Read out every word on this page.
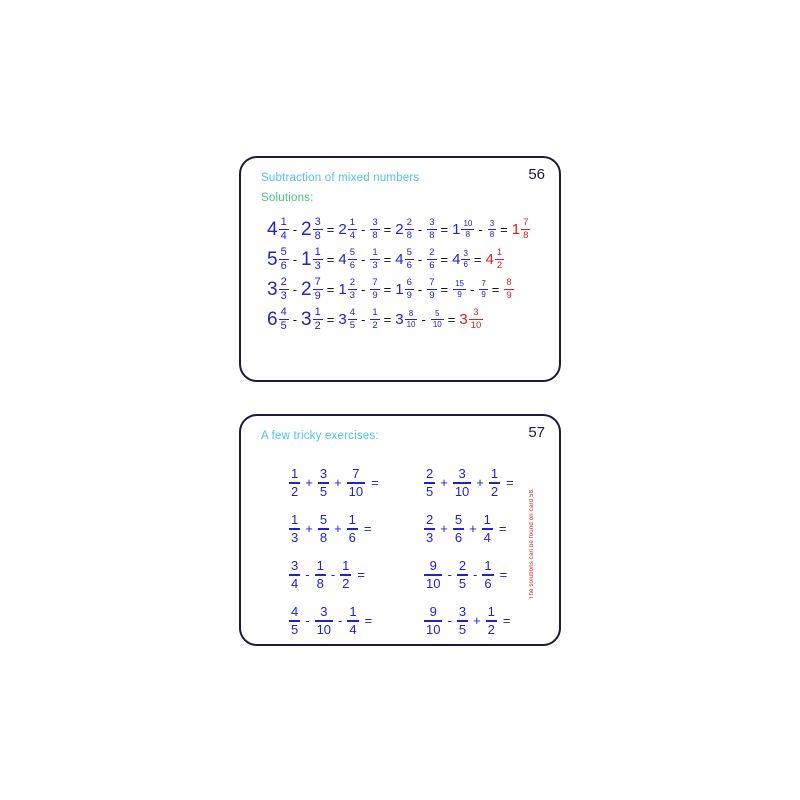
56
Subtraction of mixed numbers
Solutions:
$4 \frac{1}{4} - 2 \frac{3}{8} = 2 \frac{1}{4} - \frac{3}{8} = 2 \frac{2}{8} - \frac{3}{8} = 1 \frac{10}{8} - \frac{3}{8} = 1 \frac{7}{8}$
$5 \frac{5}{6} - 1 \frac{1}{3} = 4 \frac{5}{6} - \frac{1}{3} = 4 \frac{5}{6} - \frac{2}{6} = 4 \frac{3}{6} = 4 \frac{1}{2}$
$3 \frac{2}{3} - 2 \frac{7}{9} = 1 \frac{2}{3} - \frac{7}{9} = 1 \frac{6}{9} - \frac{7}{9} = \frac{15}{9} - \frac{7}{9} = \frac{8}{9}$
$6 \frac{4}{5} - 3 \frac{1}{2} = 3 \frac{4}{5} - \frac{1}{2} = 3 \frac{8}{10} - \frac{5}{10} = 3 \frac{3}{10}$
57
A few tricky exercises:
$\frac{1}{2} + \frac{3}{5} + \frac{7}{10}$ =	$\frac{2}{5} + \frac{3}{10} + \frac{1}{2}$ =
$\frac{1}{3} + \frac{5}{8} + \frac{1}{6}$ =	$\frac{2}{3} + \frac{5}{6} + \frac{1}{4}$ =
$\frac{3}{4} - \frac{1}{8} - \frac{1}{2}$ =	$\frac{9}{10} - \frac{2}{5} - \frac{1}{6}$ =
$\frac{4}{5} - \frac{3}{10} - \frac{1}{4}$ =	$\frac{9}{10} - \frac{3}{5} + \frac{1}{2}$ =
The solutions can be found on card 58.
